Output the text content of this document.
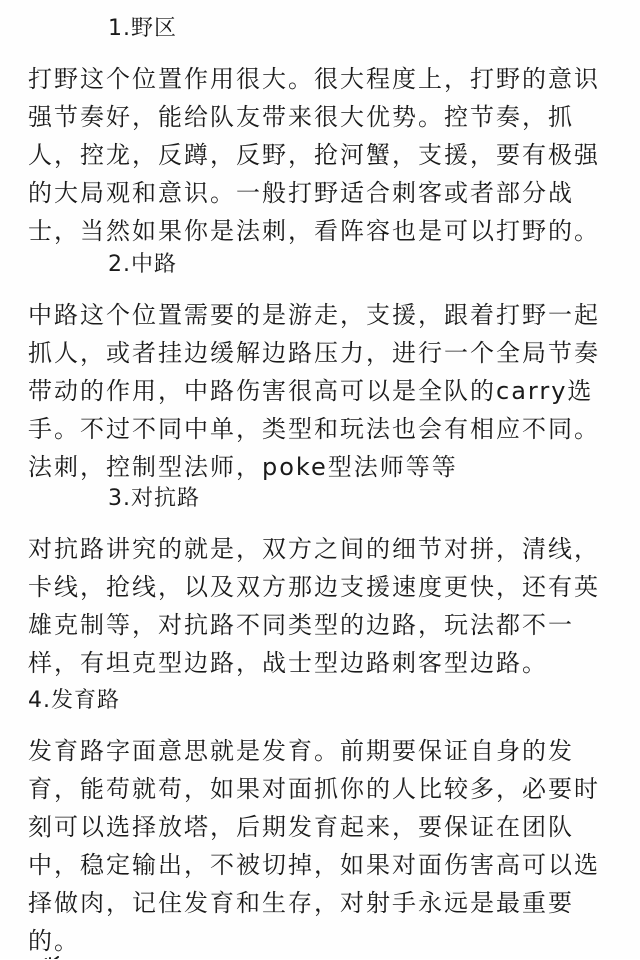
1.野区

打野这个位置作用很大。很大程度上，打野的意识强节奏好，能给队友带来很大优势。控节奏，抓人，控龙，反蹲，反野，抢河蟹，支援，要有极强的大局观和意识。一般打野适合刺客或者部分战士，当然如果你是法刺，看阵容也是可以打野的。

2.中路

中路这个位置需要的是游走，支援，跟着打野一起抓人，或者挂边缓解边路压力，进行一个全局节奏带动的作用，中路伤害很高可以是全队的carry选手。不过不同中单，类型和玩法也会有相应不同。法刺，控制型法师，poke型法师等等

3.对抗路

对抗路讲究的就是，双方之间的细节对拼，清线，卡线，抢线，以及双方那边支援速度更快，还有英雄克制等，对抗路不同类型的边路，玩法都不一样，有坦克型边路，战士型边路刺客型边路。

4.发育路

发育路字面意思就是发育。前期要保证自身的发育，能苟就苟，如果对面抓你的人比较多，必要时刻可以选择放塔，后期发育起来，要保证在团队中，稳定输出，不被切掉，如果对面伤害高可以选择做肉，记住发育和生存，对射手永远是最重要的。
